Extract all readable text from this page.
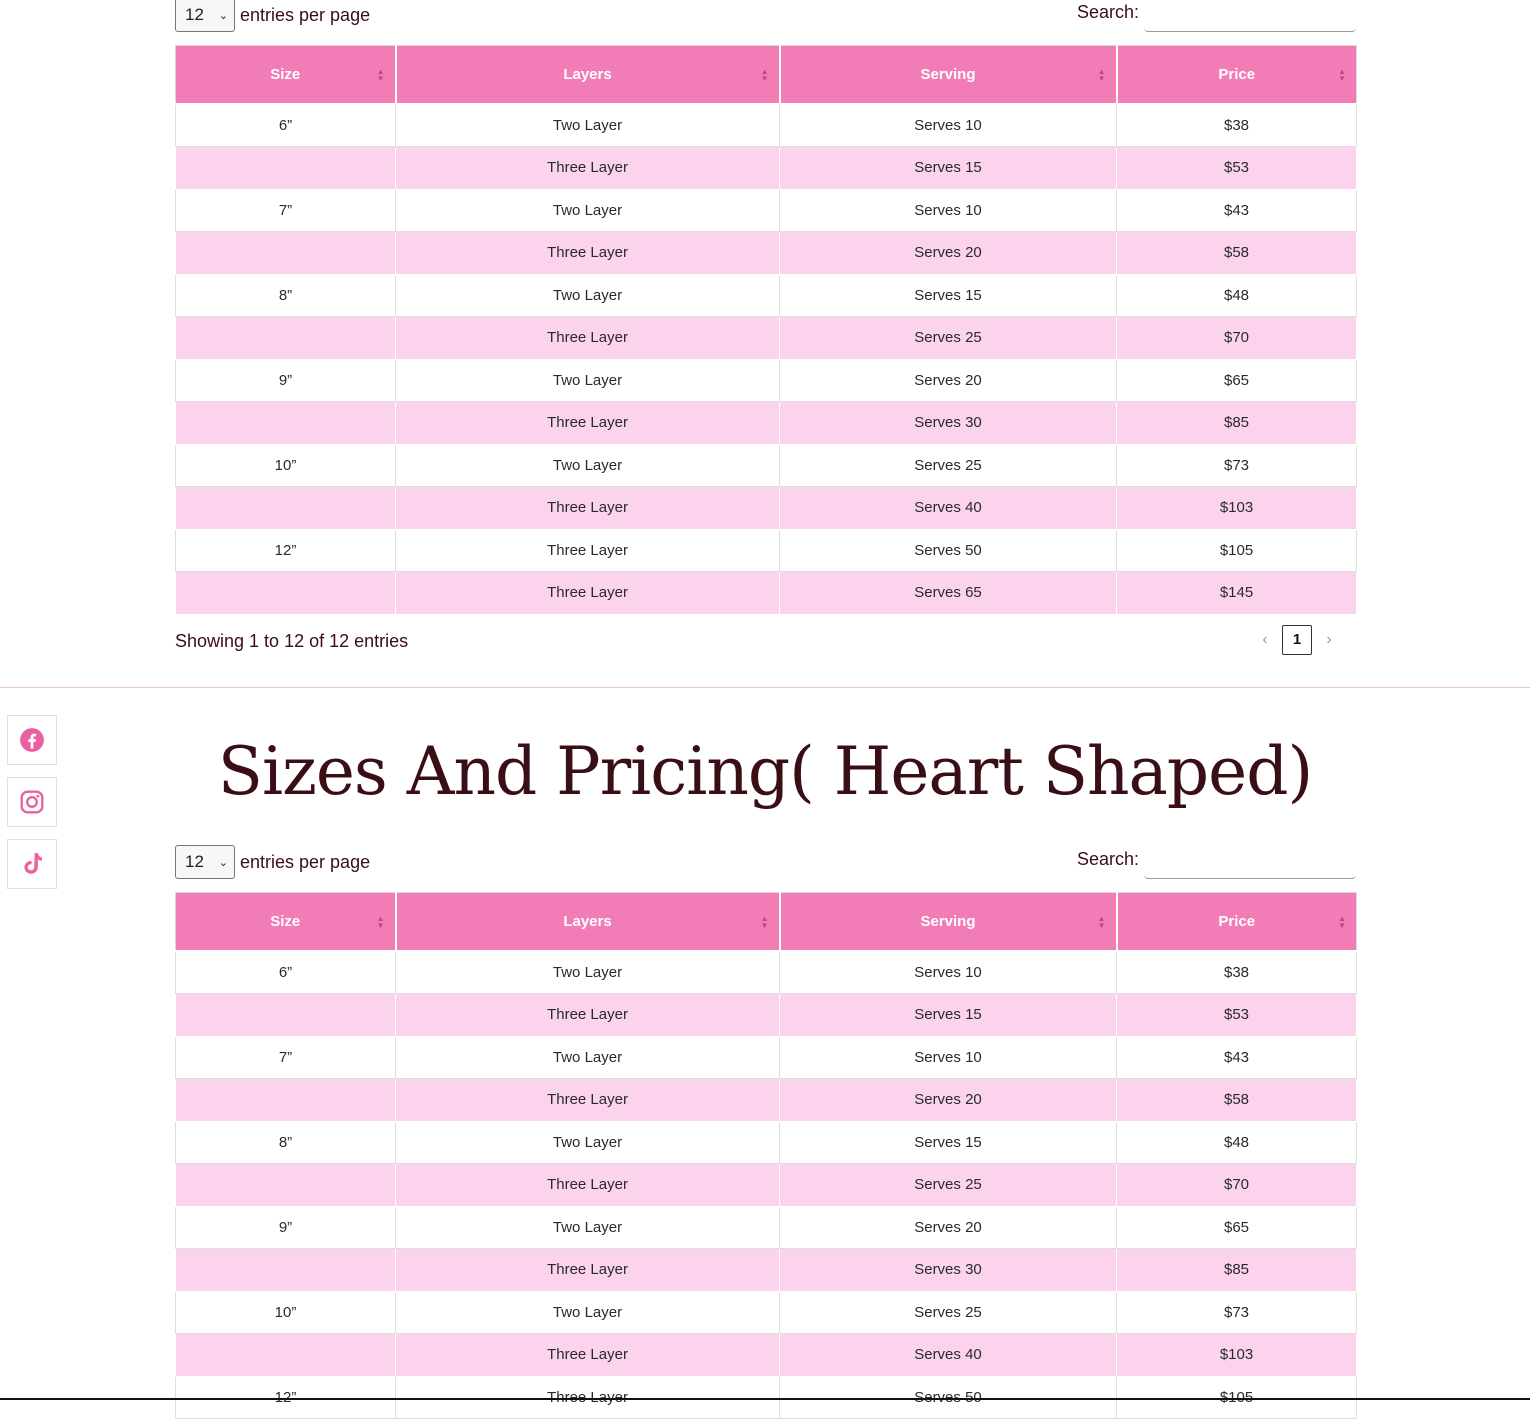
12 ⌄ entries per page	Search:
Size ▲
▼	Layers ▲
▼	Serving ▲
▼	Price ▲
▼

6”	Two Layer	Serves 10	$38
	Three Layer	Serves 15	$53
7”	Two Layer	Serves 10	$43
	Three Layer	Serves 20	$58
8”	Two Layer	Serves 15	$48
	Three Layer	Serves 25	$70
9”	Two Layer	Serves 20	$65
	Three Layer	Serves 30	$85
10”	Two Layer	Serves 25	$73
	Three Layer	Serves 40	$103
12”	Three Layer	Serves 50	$105
	Three Layer	Serves 65	$145
Showing 1 to 12 of 12 entries	‹	1	›
Sizes And Pricing( Heart Shaped)
12 ⌄ entries per page	Search:
Size ▲
▼	Layers ▲
▼	Serving ▲
▼	Price ▲
▼

6”	Two Layer	Serves 10	$38
	Three Layer	Serves 15	$53
7”	Two Layer	Serves 10	$43
	Three Layer	Serves 20	$58
8”	Two Layer	Serves 15	$48
	Three Layer	Serves 25	$70
9”	Two Layer	Serves 20	$65
	Three Layer	Serves 30	$85
10”	Two Layer	Serves 25	$73
	Three Layer	Serves 40	$103
